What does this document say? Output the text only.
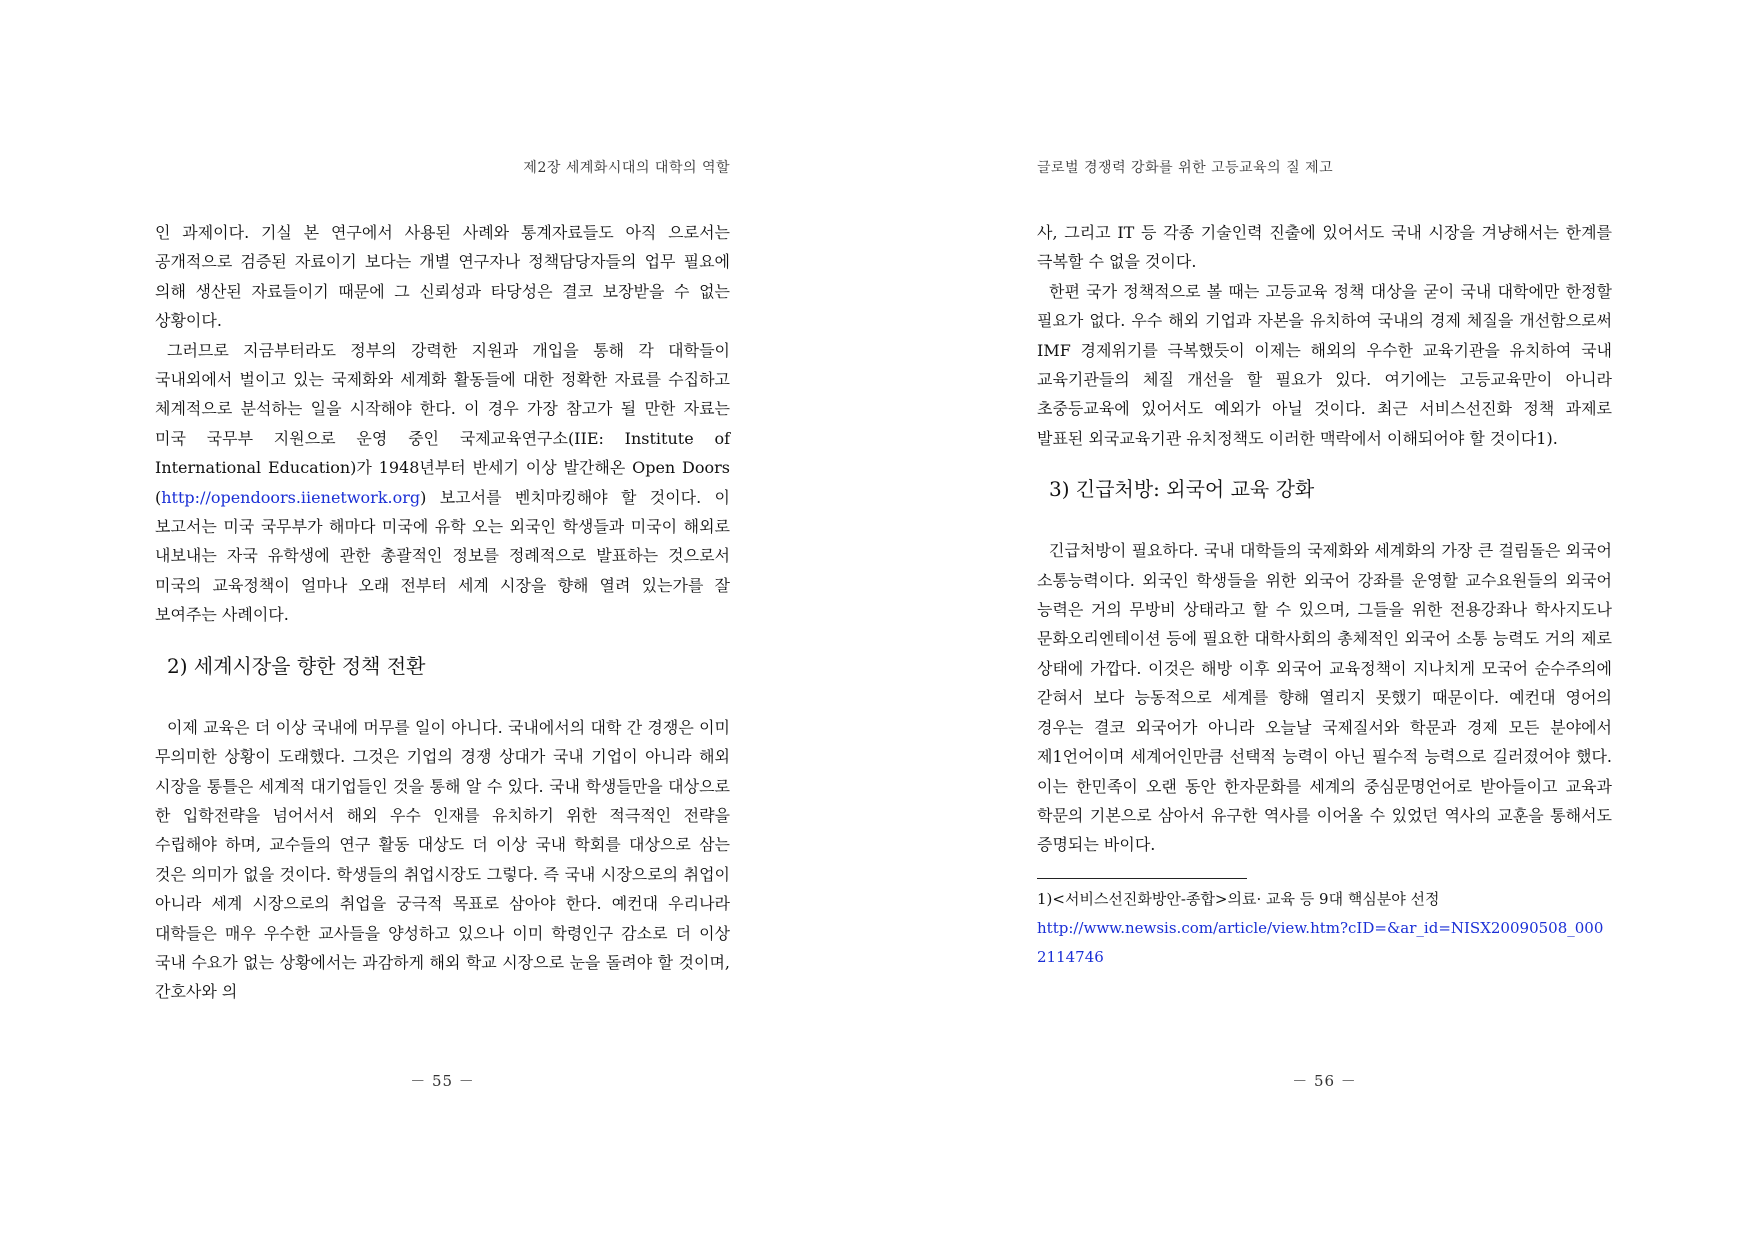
제2장 세계화시대의 대학의 역할

인 과제이다. 기실 본 연구에서 사용된 사례와 통계자료들도 아직 으로서는 공개적으로 검증된 자료이기 보다는 개별 연구자나 정책담당자들의 업무 필요에 의해 생산된 자료들이기 때문에 그 신뢰성과 타당성은 결코 보장받을 수 없는 상황이다.

그러므로 지금부터라도 정부의 강력한 지원과 개입을 통해 각 대학들이 국내외에서 벌이고 있는 국제화와 세계화 활동들에 대한 정확한 자료를 수집하고 체계적으로 분석하는 일을 시작해야 한다. 이 경우 가장 참고가 될 만한 자료는 미국 국무부 지원으로 운영 중인 국제교육연구소(IIE: Institute of International Education)가 1948년부터 반세기 이상 발간해온 Open Doors (http://opendoors.iienetwork.org) 보고서를 벤치마킹해야 할 것이다. 이 보고서는 미국 국무부가 해마다 미국에 유학 오는 외국인 학생들과 미국이 해외로 내보내는 자국 유학생에 관한 총괄적인 정보를 정례적으로 발표하는 것으로서 미국의 교육정책이 얼마나 오래 전부터 세계 시장을 향해 열려 있는가를 잘 보여주는 사례이다.

2) 세계시장을 향한 정책 전환

이제 교육은 더 이상 국내에 머무를 일이 아니다. 국내에서의 대학 간 경쟁은 이미 무의미한 상황이 도래했다. 그것은 기업의 경쟁 상대가 국내 기업이 아니라 해외 시장을 통틀은 세계적 대기업들인 것을 통해 알 수 있다. 국내 학생들만을 대상으로 한 입학전략을 넘어서서 해외 우수 인재를 유치하기 위한 적극적인 전략을 수립해야 하며, 교수들의 연구 활동 대상도 더 이상 국내 학회를 대상으로 삼는 것은 의미가 없을 것이다. 학생들의 취업시장도 그렇다. 즉 국내 시장으로의 취업이 아니라 세계 시장으로의 취업을 궁극적 목표로 삼아야 한다. 예컨대 우리나라 대학들은 매우 우수한 교사들을 양성하고 있으나 이미 학령인구 감소로 더 이상 국내 수요가 없는 상황에서는 과감하게 해외 학교 시장으로 눈을 돌려야 할 것이며, 간호사와 의

－ 55 －
글로벌 경쟁력 강화를 위한 고등교육의 질 제고

사, 그리고 IT 등 각종 기술인력 진출에 있어서도 국내 시장을 겨냥해서는 한계를 극복할 수 없을 것이다.

한편 국가 정책적으로 볼 때는 고등교육 정책 대상을 굳이 국내 대학에만 한정할 필요가 없다. 우수 해외 기업과 자본을 유치하여 국내의 경제 체질을 개선함으로써 IMF 경제위기를 극복했듯이 이제는 해외의 우수한 교육기관을 유치하여 국내 교육기관들의 체질 개선을 할 필요가 있다. 여기에는 고등교육만이 아니라 초중등교육에 있어서도 예외가 아닐 것이다. 최근 서비스선진화 정책 과제로 발표된 외국교육기관 유치정책도 이러한 맥락에서 이해되어야 할 것이다1).

3) 긴급처방: 외국어 교육 강화

긴급처방이 필요하다. 국내 대학들의 국제화와 세계화의 가장 큰 걸림돌은 외국어 소통능력이다. 외국인 학생들을 위한 외국어 강좌를 운영할 교수요원들의 외국어 능력은 거의 무방비 상태라고 할 수 있으며, 그들을 위한 전용강좌나 학사지도나 문화오리엔테이션 등에 필요한 대학사회의 총체적인 외국어 소통 능력도 거의 제로 상태에 가깝다. 이것은 해방 이후 외국어 교육정책이 지나치게 모국어 순수주의에 갇혀서 보다 능동적으로 세계를 향해 열리지 못했기 때문이다. 예컨대 영어의 경우는 결코 외국어가 아니라 오늘날 국제질서와 학문과 경제 모든 분야에서 제1언어이며 세계어인만큼 선택적 능력이 아닌 필수적 능력으로 길러졌어야 했다. 이는 한민족이 오랜 동안 한자문화를 세계의 중심문명언어로 받아들이고 교육과 학문의 기본으로 삼아서 유구한 역사를 이어올 수 있었던 역사의 교훈을 통해서도 증명되는 바이다.

1)<서비스선진화방안-종합>의료· 교육 등 9대 핵심분야 선정
http://www.newsis.com/article/view.htm?cID=&ar_id=NISX20090508_0002114746
－ 56 －
